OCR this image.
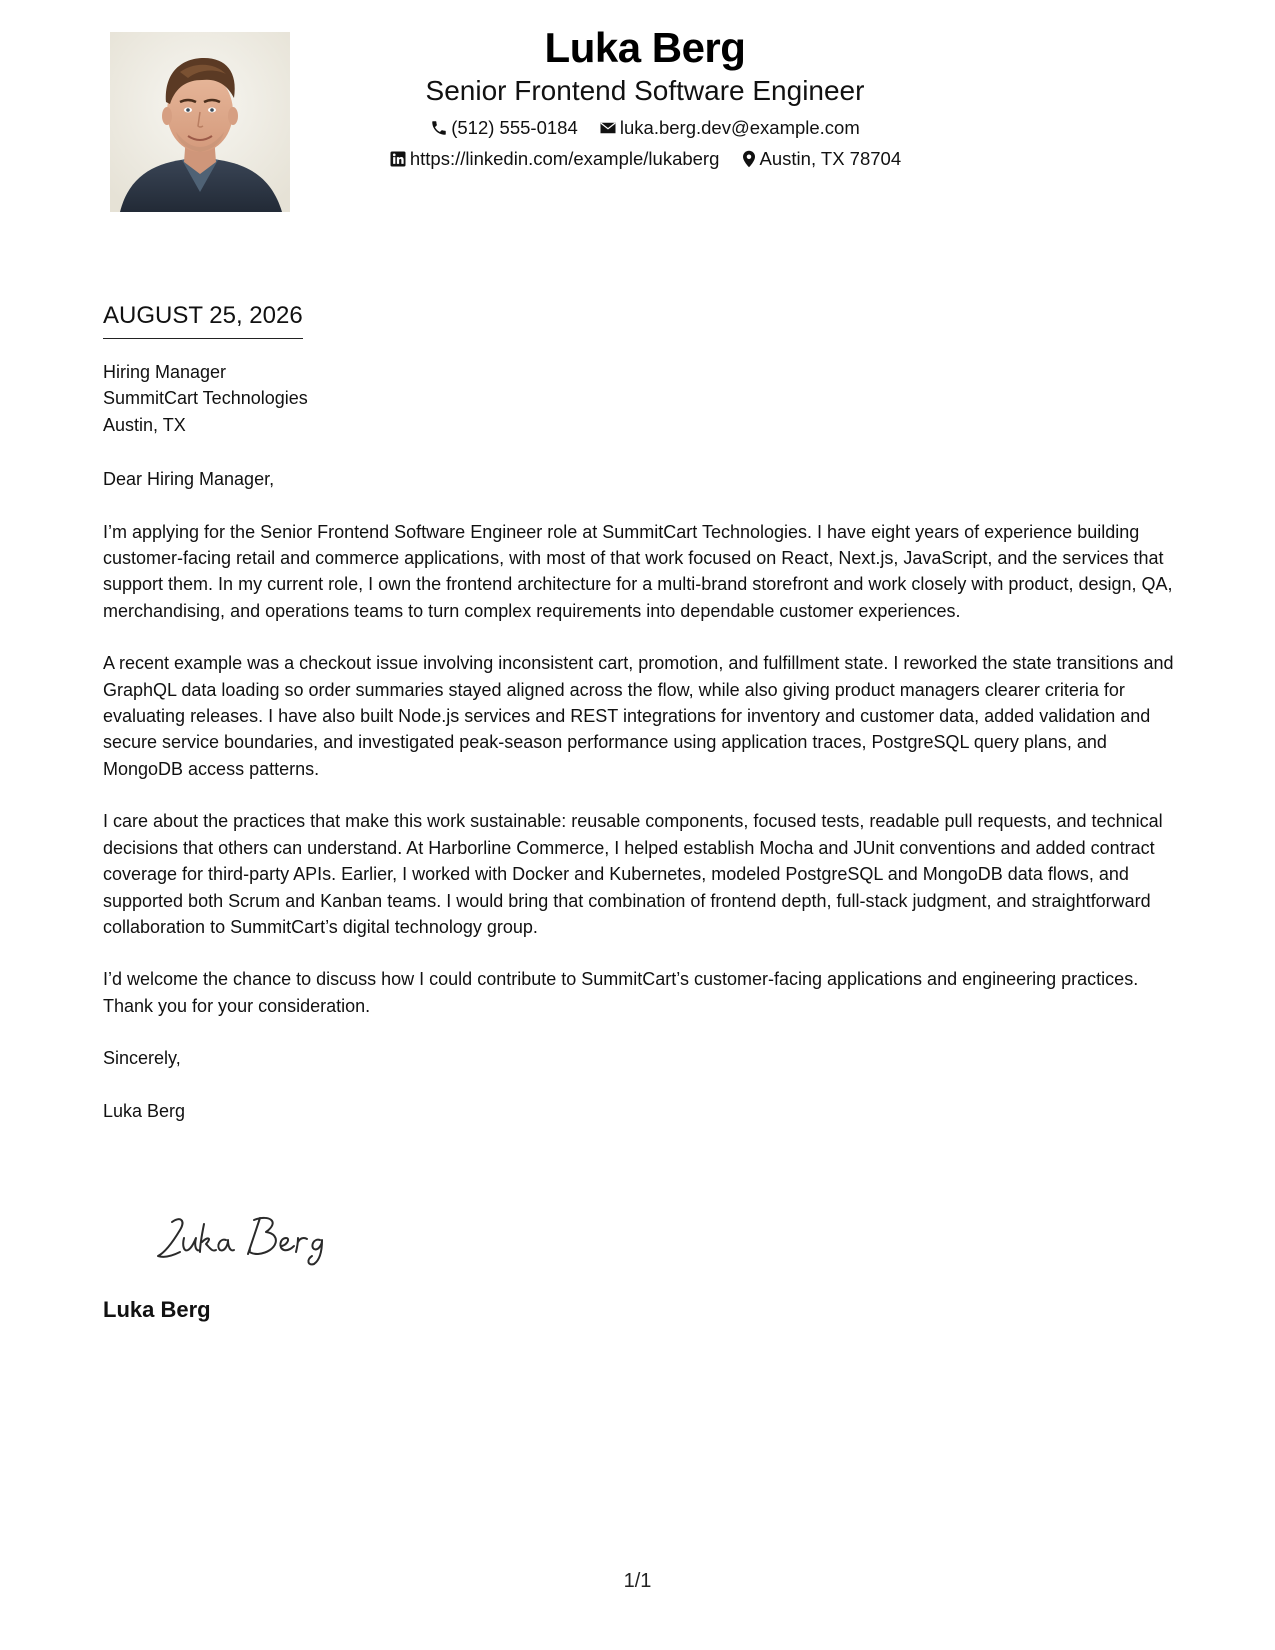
Luka Berg
Senior Frontend Software Engineer
(512) 555-0184 luka.berg.dev@example.com
https://linkedin.com/example/lukaberg Austin, TX 78704
AUGUST 25, 2026
Hiring Manager
SummitCart Technologies
Austin, TX

Dear Hiring Manager,

I’m applying for the Senior Frontend Software Engineer role at SummitCart Technologies. I have eight years of experience building customer-facing retail and commerce applications, with most of that work focused on React, Next.js, JavaScript, and the services that support them. In my current role, I own the frontend architecture for a multi-brand storefront and work closely with product, design, QA, merchandising, and operations teams to turn complex requirements into dependable customer experiences.

A recent example was a checkout issue involving inconsistent cart, promotion, and fulfillment state. I reworked the state transitions and GraphQL data loading so order summaries stayed aligned across the flow, while also giving product managers clearer criteria for evaluating releases. I have also built Node.js services and REST integrations for inventory and customer data, added validation and secure service boundaries, and investigated peak-season performance using application traces, PostgreSQL query plans, and MongoDB access patterns.

I care about the practices that make this work sustainable: reusable components, focused tests, readable pull requests, and technical decisions that others can understand. At Harborline Commerce, I helped establish Mocha and JUnit conventions and added contract coverage for third-party APIs. Earlier, I worked with Docker and Kubernetes, modeled PostgreSQL and MongoDB data flows, and supported both Scrum and Kanban teams. I would bring that combination of frontend depth, full-stack judgment, and straightforward collaboration to SummitCart’s digital technology group.

I’d welcome the chance to discuss how I could contribute to SummitCart’s customer-facing applications and engineering practices. Thank you for your consideration.

Sincerely,

Luka Berg

Luka Berg
1/1
